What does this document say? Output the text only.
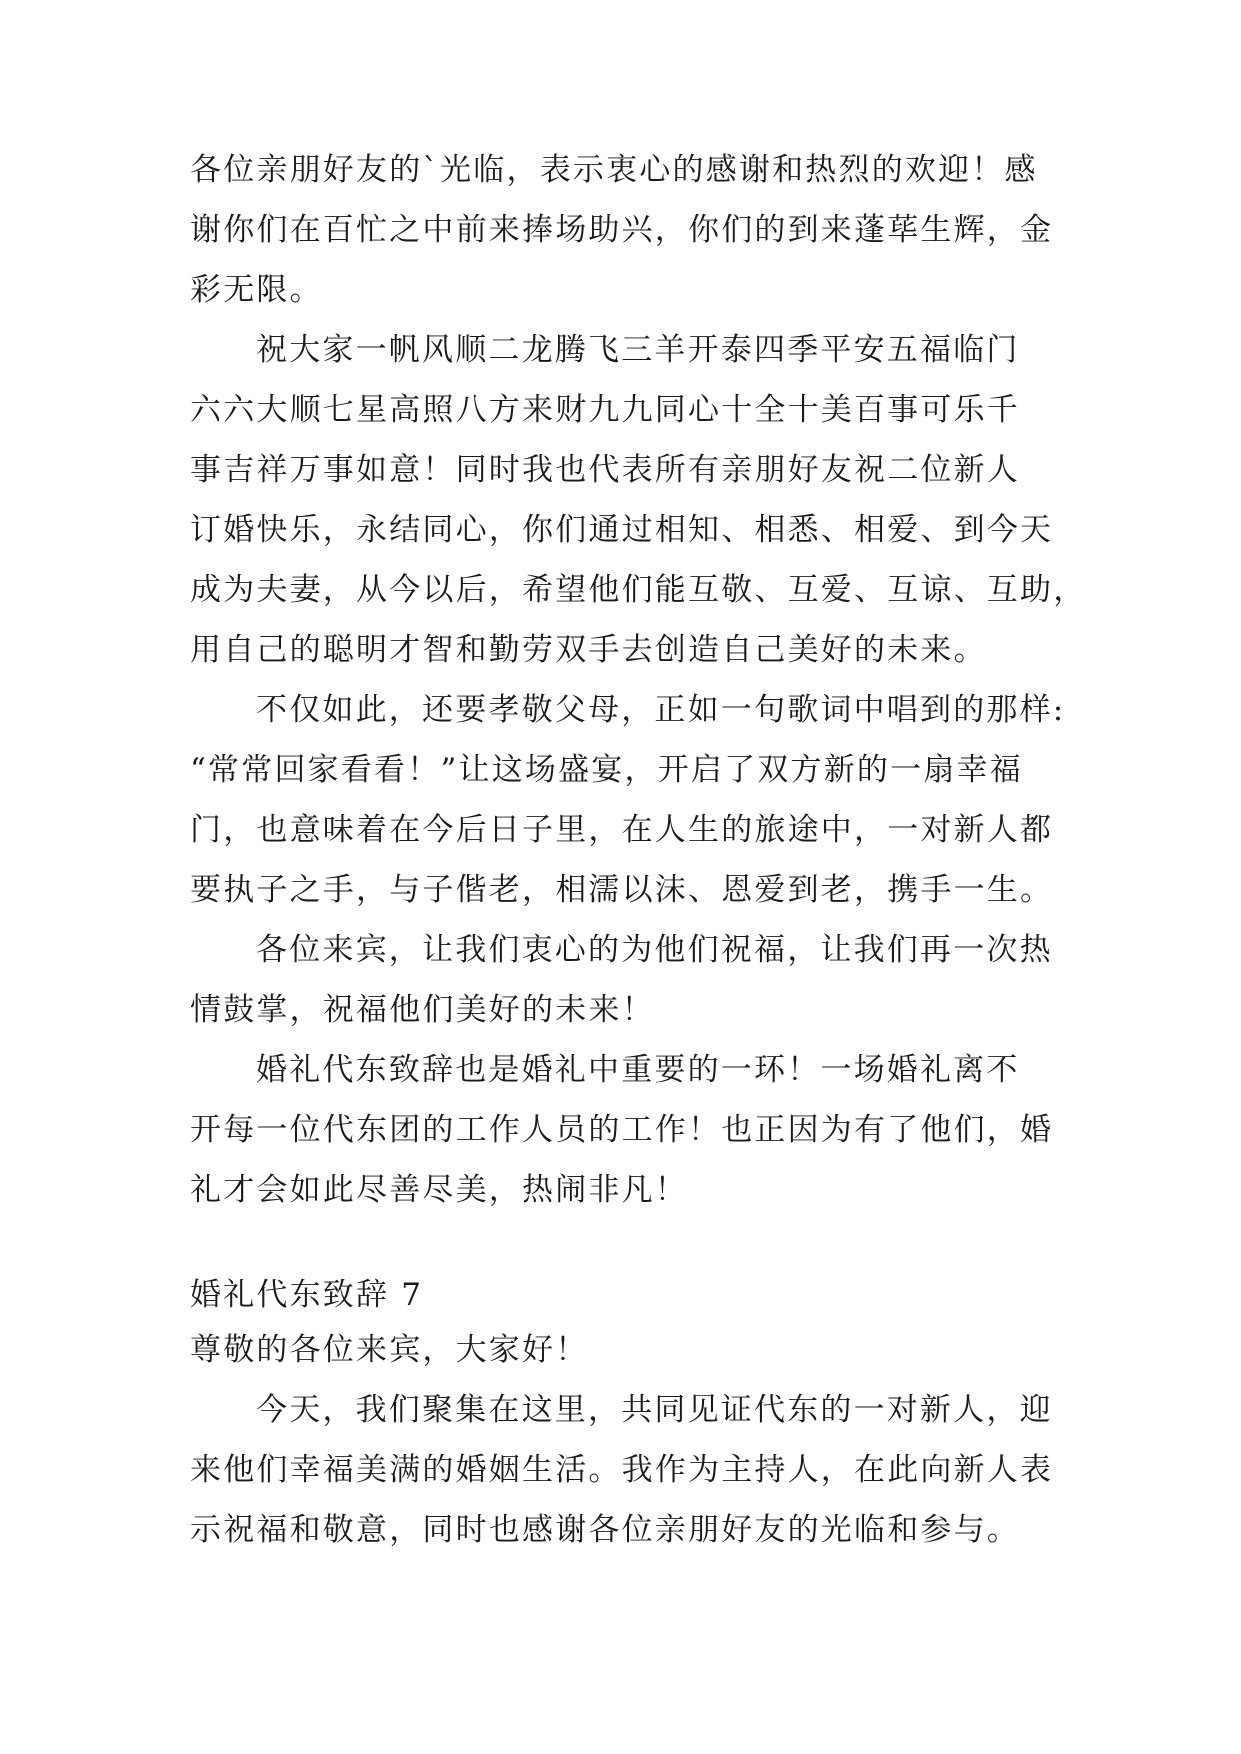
各位亲朋好友的`光临，表示衷心的感谢和热烈的欢迎！感
谢你们在百忙之中前来捧场助兴，你们的到来蓬荜生辉，金
彩无限。
祝大家一帆风顺二龙腾飞三羊开泰四季平安五福临门
六六大顺七星高照八方来财九九同心十全十美百事可乐千
事吉祥万事如意！同时我也代表所有亲朋好友祝二位新人
订婚快乐，永结同心，你们通过相知、相悉、相爱、到今天
成为夫妻，从今以后，希望他们能互敬、互爱、互谅、互助，
用自己的聪明才智和勤劳双手去创造自己美好的未来。
不仅如此，还要孝敬父母，正如一句歌词中唱到的那样:
“常常回家看看！”让这场盛宴，开启了双方新的一扇幸福
门，也意味着在今后日子里，在人生的旅途中，一对新人都
要执子之手，与子偕老，相濡以沫、恩爱到老，携手一生。
各位来宾，让我们衷心的为他们祝福，让我们再一次热
情鼓掌，祝福他们美好的未来！
婚礼代东致辞也是婚礼中重要的一环！一场婚礼离不
开每一位代东团的工作人员的工作！也正因为有了他们，婚
礼才会如此尽善尽美，热闹非凡！
婚礼代东致辞 7
尊敬的各位来宾，大家好！
今天，我们聚集在这里，共同见证代东的一对新人，迎
来他们幸福美满的婚姻生活。我作为主持人，在此向新人表
示祝福和敬意，同时也感谢各位亲朋好友的光临和参与。
